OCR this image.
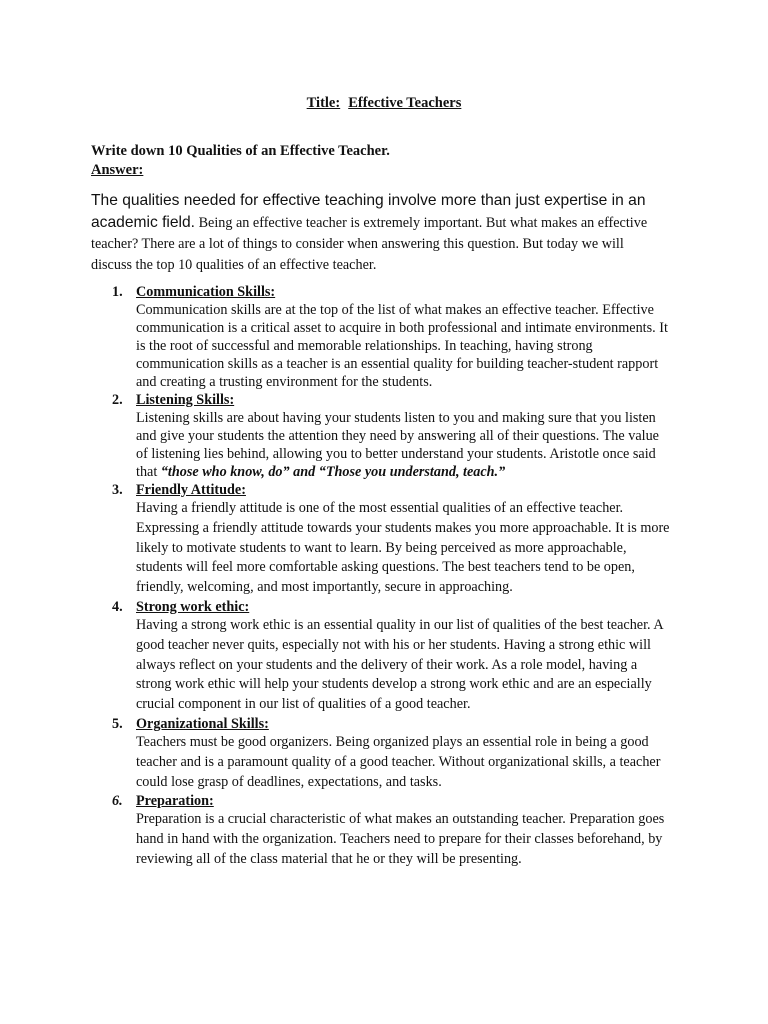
Title: Effective Teachers
Write down 10 Qualities of an Effective Teacher.
Answer:
The qualities needed for effective teaching involve more than just expertise in an academic field. Being an effective teacher is extremely important. But what makes an effective teacher? There are a lot of things to consider when answering this question. But today we will discuss the top 10 qualities of an effective teacher.
1. Communication Skills:
Communication skills are at the top of the list of what makes an effective teacher. Effective communication is a critical asset to acquire in both professional and intimate environments. It is the root of successful and memorable relationships. In teaching, having strong communication skills as a teacher is an essential quality for building teacher-student rapport and creating a trusting environment for the students.
2. Listening Skills:
Listening skills are about having your students listen to you and making sure that you listen and give your students the attention they need by answering all of their questions. The value of listening lies behind, allowing you to better understand your students. Aristotle once said that “those who know, do” and “Those you understand, teach.”
3. Friendly Attitude:
Having a friendly attitude is one of the most essential qualities of an effective teacher. Expressing a friendly attitude towards your students makes you more approachable. It is more likely to motivate students to want to learn. By being perceived as more approachable, students will feel more comfortable asking questions. The best teachers tend to be open, friendly, welcoming, and most importantly, secure in approaching.
4. Strong work ethic:
Having a strong work ethic is an essential quality in our list of qualities of the best teacher. A good teacher never quits, especially not with his or her students. Having a strong ethic will always reflect on your students and the delivery of their work. As a role model, having a strong work ethic will help your students develop a strong work ethic and are an especially crucial component in our list of qualities of a good teacher.
5. Organizational Skills:
Teachers must be good organizers. Being organized plays an essential role in being a good teacher and is a paramount quality of a good teacher. Without organizational skills, a teacher could lose grasp of deadlines, expectations, and tasks.
6. Preparation:
Preparation is a crucial characteristic of what makes an outstanding teacher. Preparation goes hand in hand with the organization. Teachers need to prepare for their classes beforehand, by reviewing all of the class material that he or they will be presenting.
